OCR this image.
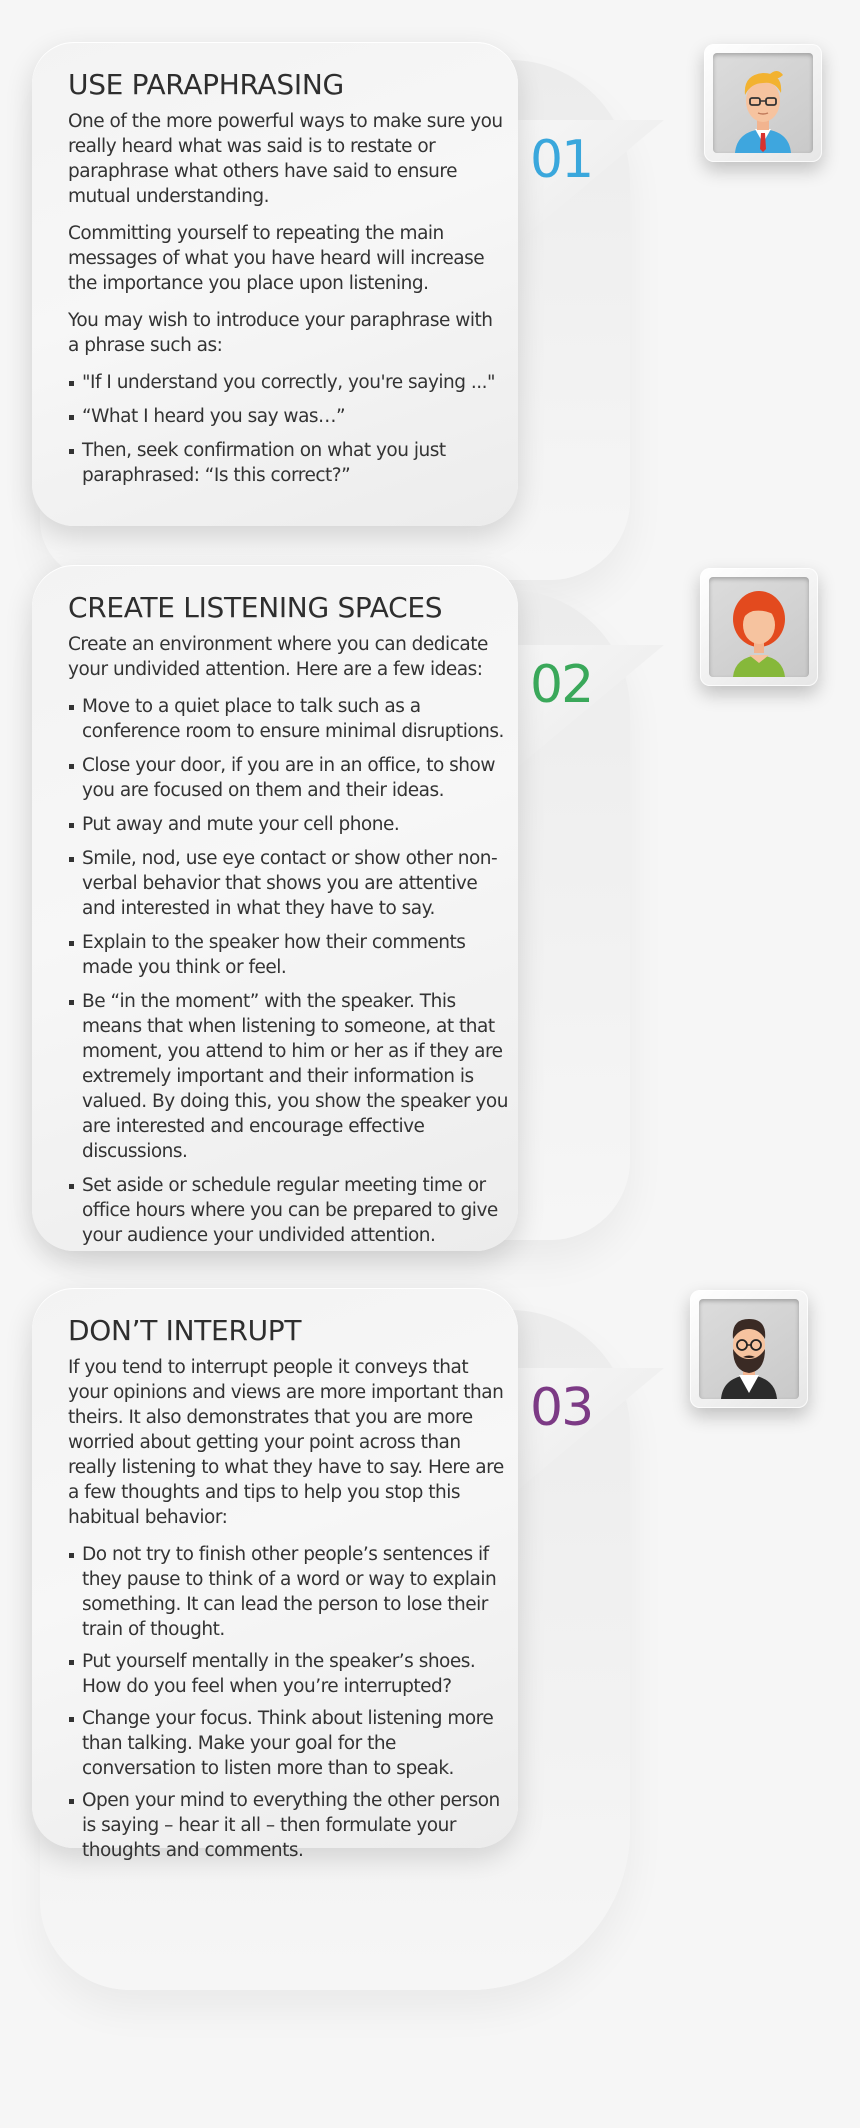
USE PARAPHRASING

One of the more powerful ways to make sure you really heard what was said is to restate or paraphrase what others have said to ensure mutual understanding.

Committing yourself to repeating the main messages of what you have heard will increase the importance you place upon listening.

You may wish to introduce your paraphrase with a phrase such as:

"If I understand you correctly, you're saying ..."
“What I heard you say was…”
Then, seek confirmation on what you just paraphrased: “Is this correct?”
01
CREATE LISTENING SPACES

Create an environment where you can dedicate your undivided attention. Here are a few ideas:

Move to a quiet place to talk such as a conference room to ensure minimal disruptions.
Close your door, if you are in an office, to show you are focused on them and their ideas.
Put away and mute your cell phone.
Smile, nod, use eye contact or show other non-verbal behavior that shows you are attentive and interested in what they have to say.
Explain to the speaker how their comments made you think or feel.
Be “in the moment” with the speaker. This means that when listening to someone, at that moment, you attend to him or her as if they are extremely important and their information is valued. By doing this, you show the speaker you are interested and encourage effective discussions.
Set aside or schedule regular meeting time or office hours where you can be prepared to give your audience your undivided attention.
02
DON’T INTERUPT

If you tend to interrupt people it conveys that your opinions and views are more important than theirs. It also demonstrates that you are more worried about getting your point across than really listening to what they have to say. Here are a few thoughts and tips to help you stop this habitual behavior:

Do not try to finish other people’s sentences if they pause to think of a word or way to explain something. It can lead the person to lose their train of thought.
Put yourself mentally in the speaker’s shoes. How do you feel when you’re interrupted?
Change your focus. Think about listening more than talking. Make your goal for the conversation to listen more than to speak.
Open your mind to everything the other person is saying – hear it all – then formulate your thoughts and comments.
03
